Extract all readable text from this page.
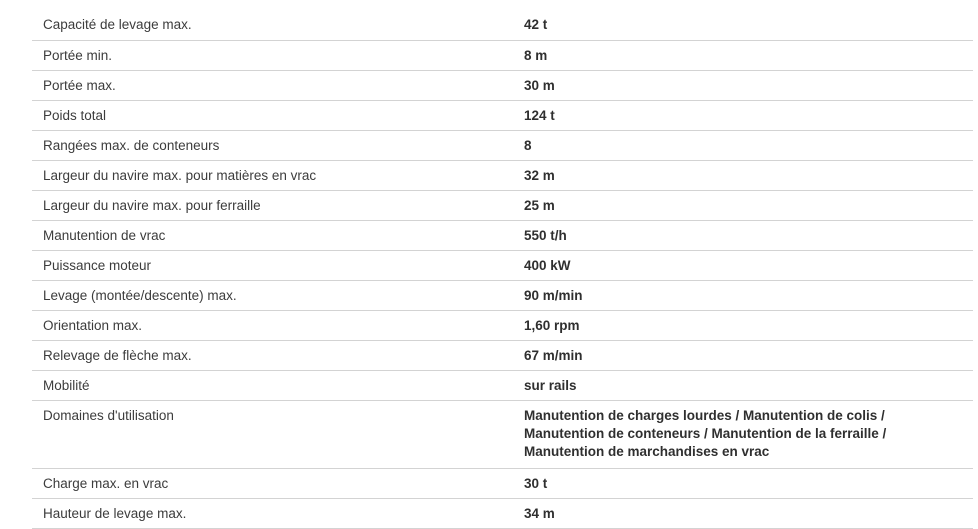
Capacité de levage max.	42 t
Portée min.	8 m
Portée max.	30 m
Poids total	124 t
Rangées max. de conteneurs	8
Largeur du navire max. pour matières en vrac	32 m
Largeur du navire max. pour ferraille	25 m
Manutention de vrac	550 t/h
Puissance moteur	400 kW
Levage (montée/descente) max.	90 m/min
Orientation max.	1,60 rpm
Relevage de flèche max.	67 m/min
Mobilité	sur rails
Domaines d'utilisation	Manutention de charges lourdes / Manutention de colis /
Manutention de conteneurs / Manutention de la ferraille /
Manutention de marchandises en vrac

Charge max. en vrac	30 t
Hauteur de levage max.	34 m
